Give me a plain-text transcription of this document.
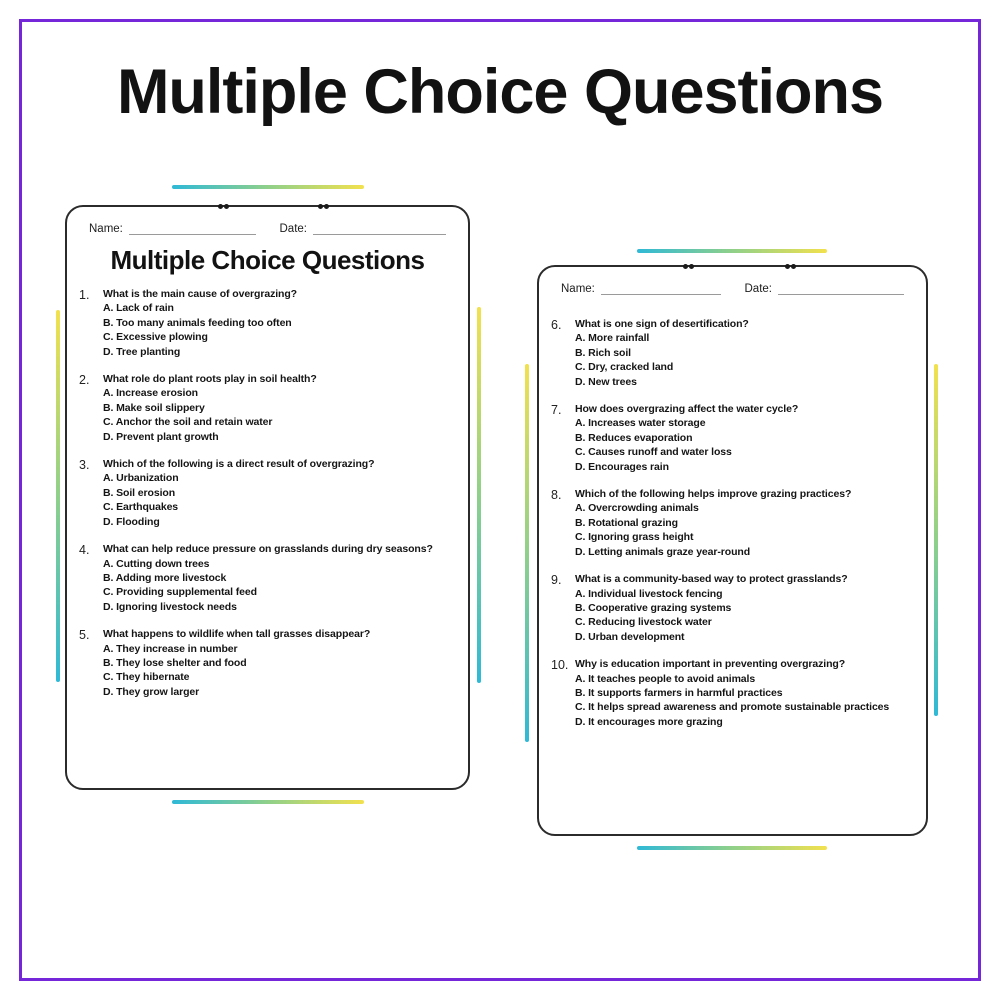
Multiple Choice Questions
Name:	Date:
Multiple Choice Questions
1.	What is the main cause of overgrazing?
A. Lack of rain
B. Too many animals feeding too often
C. Excessive plowing
D. Tree planting
2.	What role do plant roots play in soil health?
A. Increase erosion
B. Make soil slippery
C. Anchor the soil and retain water
D. Prevent plant growth
3.	Which of the following is a direct result of overgrazing?
A. Urbanization
B. Soil erosion
C. Earthquakes
D. Flooding
4.	What can help reduce pressure on grasslands during dry seasons?
A. Cutting down trees
B. Adding more livestock
C. Providing supplemental feed
D. Ignoring livestock needs
5.	What happens to wildlife when tall grasses disappear?
A. They increase in number
B. They lose shelter and food
C. They hibernate
D. They grow larger
Name:	Date:
6.	What is one sign of desertification?
A. More rainfall
B. Rich soil
C. Dry, cracked land
D. New trees
7.	How does overgrazing affect the water cycle?
A. Increases water storage
B. Reduces evaporation
C. Causes runoff and water loss
D. Encourages rain
8.	Which of the following helps improve grazing practices?
A. Overcrowding animals
B. Rotational grazing
C. Ignoring grass height
D. Letting animals graze year-round
9.	What is a community-based way to protect grasslands?
A. Individual livestock fencing
B. Cooperative grazing systems
C. Reducing livestock water
D. Urban development
10. Why is education important in preventing overgrazing?
A. It teaches people to avoid animals
B. It supports farmers in harmful practices
C. It helps spread awareness and promote sustainable practices
D. It encourages more grazing
